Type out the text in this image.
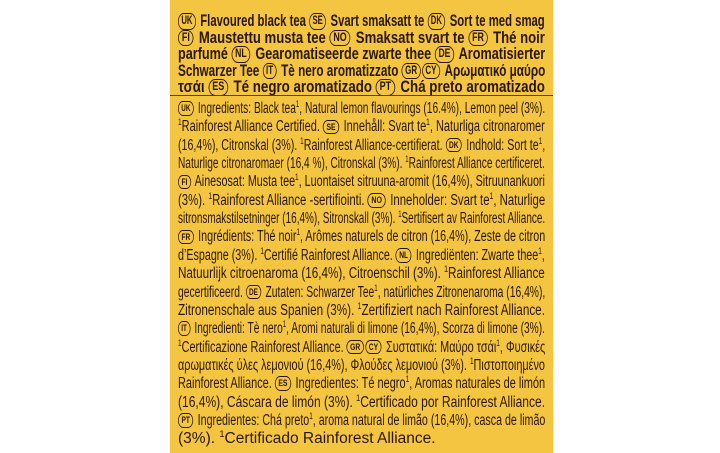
UK Flavoured black tea SE Svart smaksatt te DK Sort te med smag
FI Maustettu musta tee NO Smaksatt svart te FR Thé noir
parfumé NL Gearomatiseerde zwarte thee DE Aromatisierter
Schwarzer Tee IT Tè nero aromatizzato GR CY Αρωματικό μαύρο
τσάι ES Té negro aromatizado PT Chá preto aromatizado
UK Ingredients: Black tea$^1$, Natural lemon flavourings (16.4%), Lemon peel (3%).
$^1$Rainforest Alliance Certified. SE Innehåll: Svart $te^1$, Naturliga citronaromer
(16,4%), Citronskal (3%). $^1$Rainforest Alliance-certifierat. DK Indhold: Sort $te^1$,
Naturlige citronaromaer (16,4 %), Citronskal (3%). $^1$Rainforest Alliance certificeret.
FI Ainesosat: Musta tee$^1$, Luontaiset sitruuna-aromit (16,4%), Sitruunankuori
(3%). $^1$Rainforest Alliance -sertifiointi. NO Inneholder: Svart $te^1$, Naturlige
sitronsmakstilsetninger (16,4%), Sitronskall (3%). $^1$Sertifisert av Rainforest Alliance.
FR Ingrédients: Thé noir$^1$, Arômes naturels de citron (16,4%), Zeste de citron
d’Espagne (3%). $^1$Certifié Rainforest Alliance. NL Ingrediënten: Zwarte thee$^1$,
Natuurlijk citroenaroma (16,4%), Citroenschil (3%). $^1$Rainforest Alliance
gecertificeerd. DE Zutaten: Schwarzer Tee$^1$, natürliches Zitronenaroma (16,4%),
Zitronenschale aus Spanien (3%). $^1$Zertifiziert nach Rainforest Alliance.
IT Ingredienti: Tè nero$^1$, Aromi naturali di limone (16,4%), Scorza di limone (3%).
$^1$Certificazione Rainforest Alliance. GR CY Συστατικά: Μαύρο τσάι$^1$, Φυσικές
αρωματικές ύλες λεμονιού (16,4%), Φλούδες λεμονιού (3%). $^1$Πιστοποιημένο
Rainforest Alliance. ES Ingredientes: Té negro$^1$, Aromas naturales de limón
(16,4%), Cáscara de limón (3%). $^1$Certificado por Rainforest Alliance.
PT Ingredientes: Chá preto$^1$, aroma natural de limão (16,4%), casca de limão
(3%). $^1$Certificado Rainforest Alliance.
